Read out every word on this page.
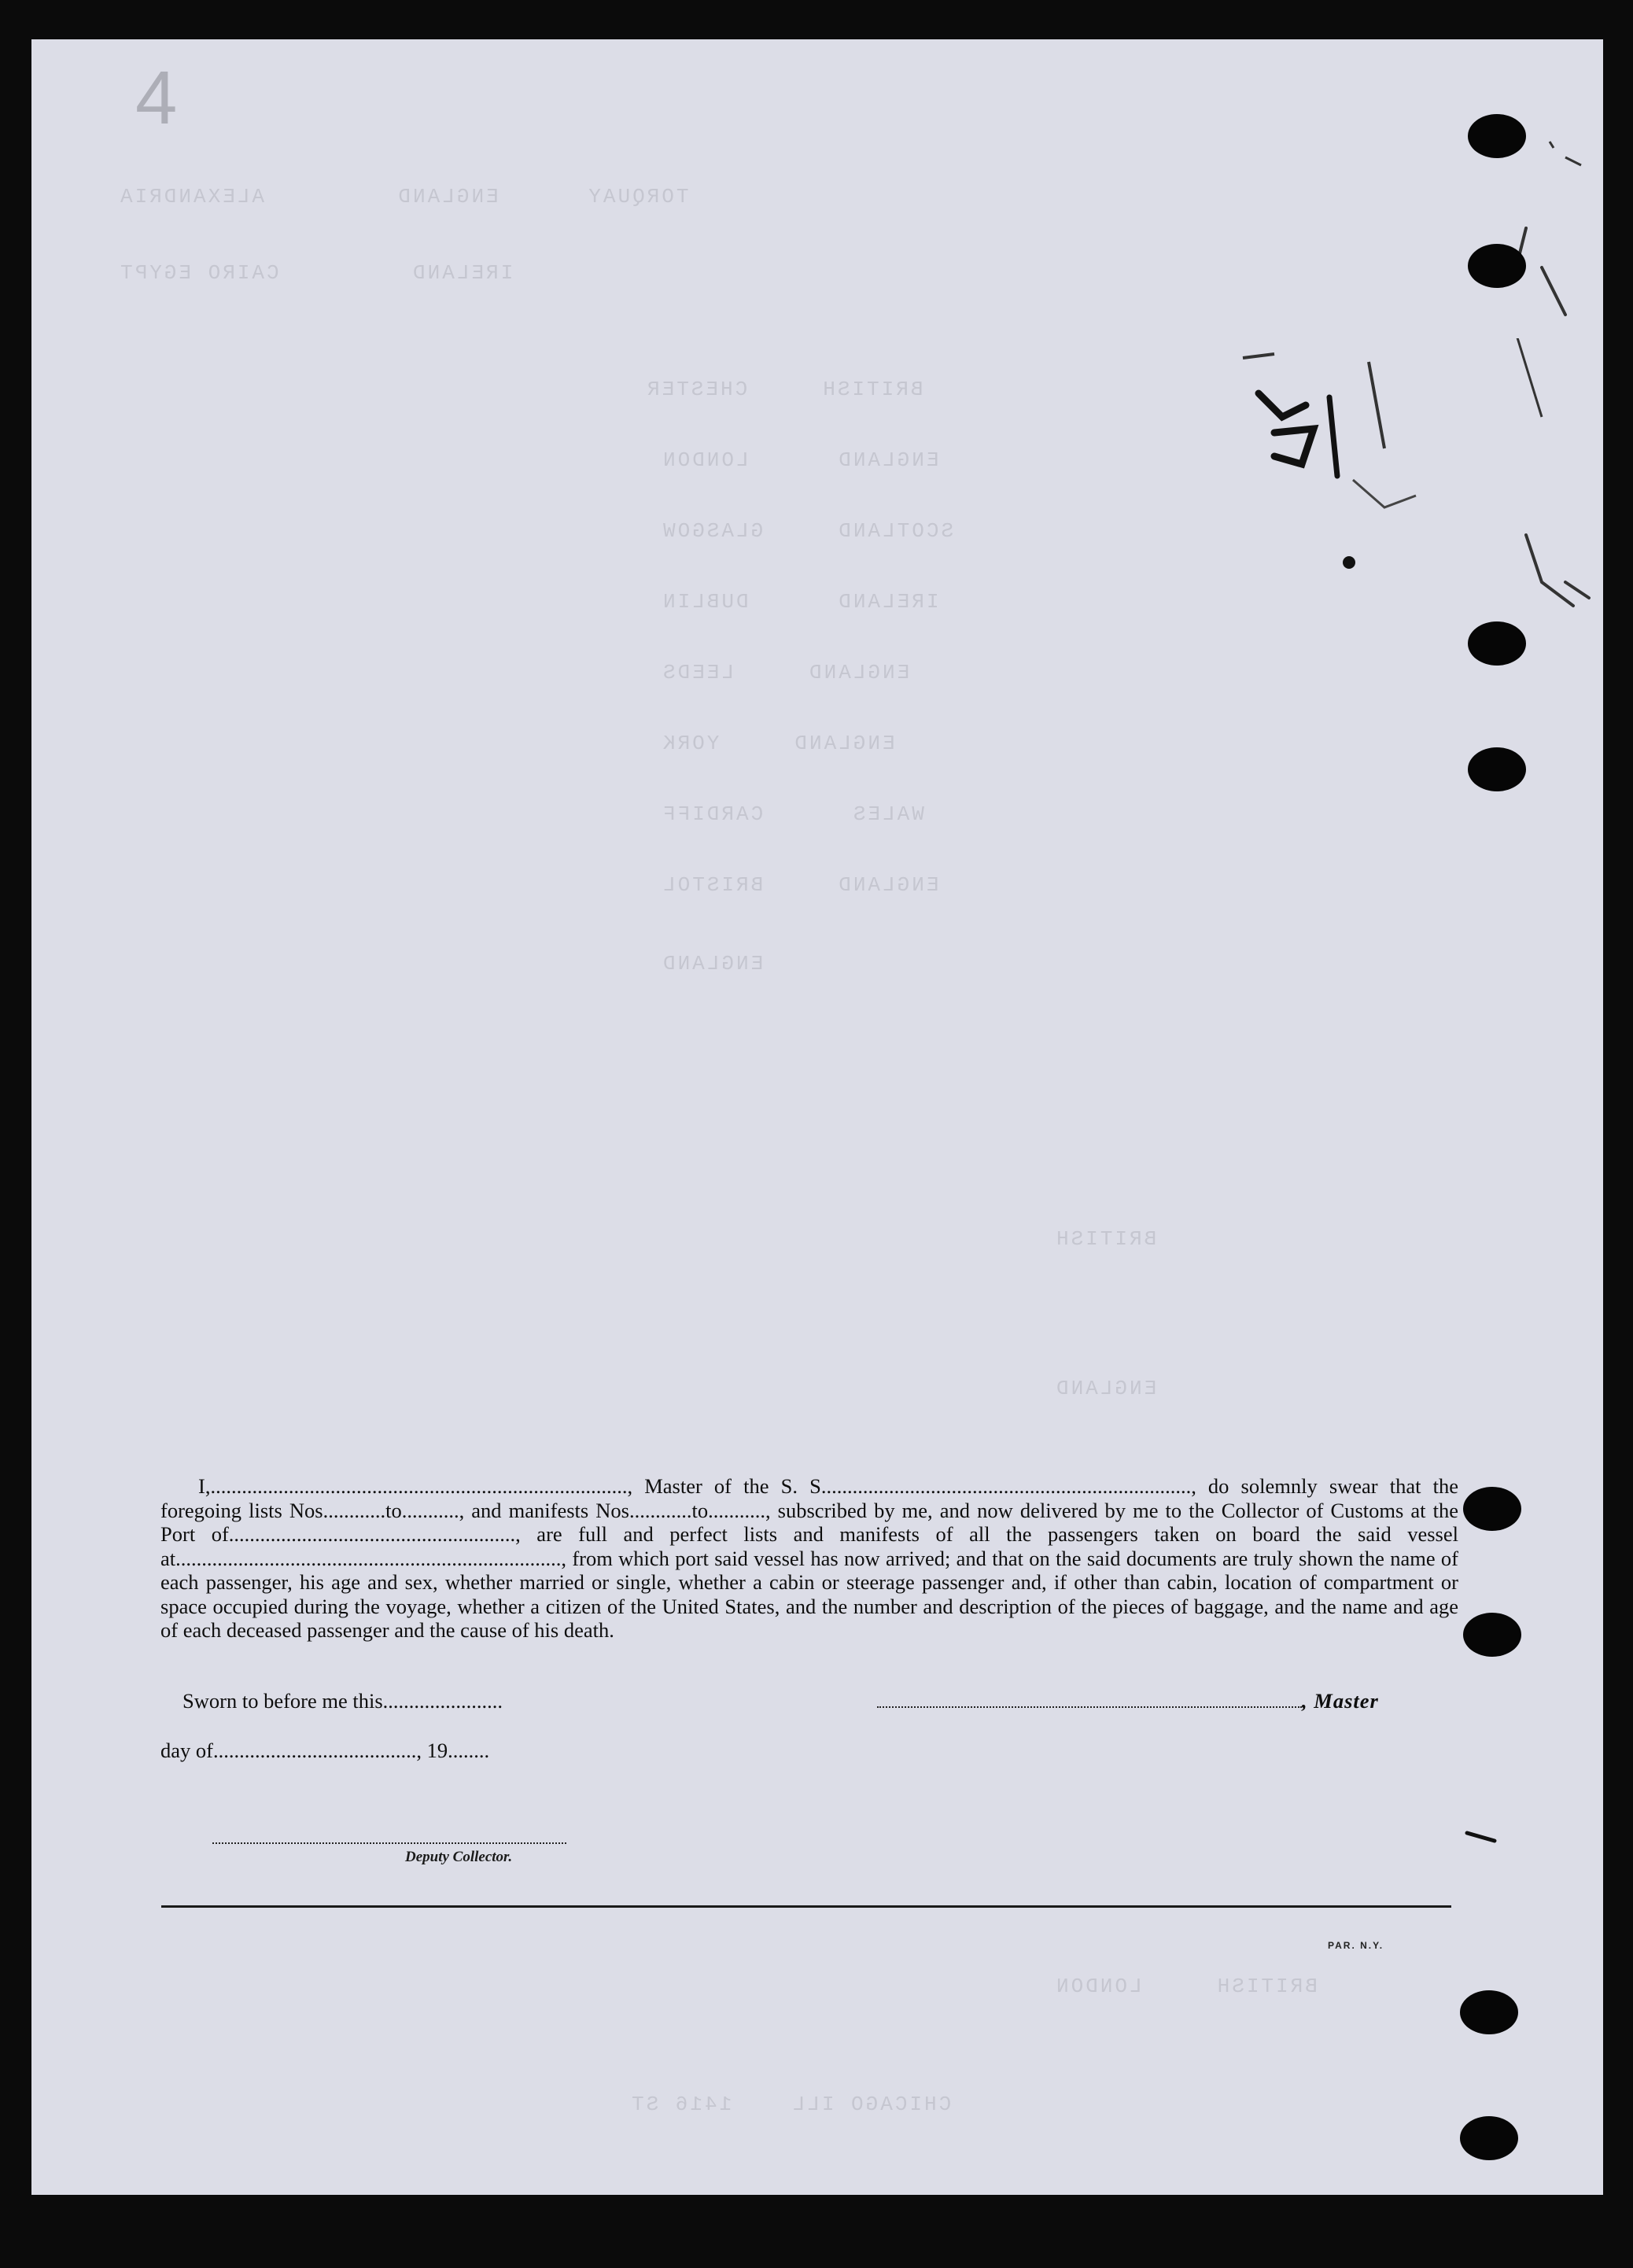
4
TORQUAY      ENGLAND         ALEXANDRIA
IRELAND         CAIRO EGYPT
BRITISH     CHESTER
ENGLAND      LONDON
SCOTLAND     GLASGOW
IRELAND      DUBLIN
ENGLAND     LEEDS
ENGLAND     YORK
WALES      CARDIFF
ENGLAND     BRISTOL
ENGLAND
BRITISH
ENGLAND
BRITISH     LONDON
CHICAGO ILL    1416 ST

I,................................................................................, Master of the S. S......................................................................., do solemnly swear that the foregoing lists Nos............to..........., and manifests Nos............to..........., subscribed by me, and now delivered by me to the Collector of Customs at the Port of......................................................., are full and perfect lists and manifests of all the passengers taken on board the said vessel at.........................................................................., from which port said vessel has now arrived; and that on the said documents are truly shown the name of each passenger, his age and sex, whether married or single, whether a cabin or steerage passenger and, if other than cabin, location of compartment or space occupied during the voyage, whether a citizen of the United States, and the number and description of the pieces of baggage, and the name and age of each deceased passenger and the cause of his death.

Sworn to before me this.......................	, Master
day of......................................., 19........
Deputy Collector.
PAR. N.Y.
